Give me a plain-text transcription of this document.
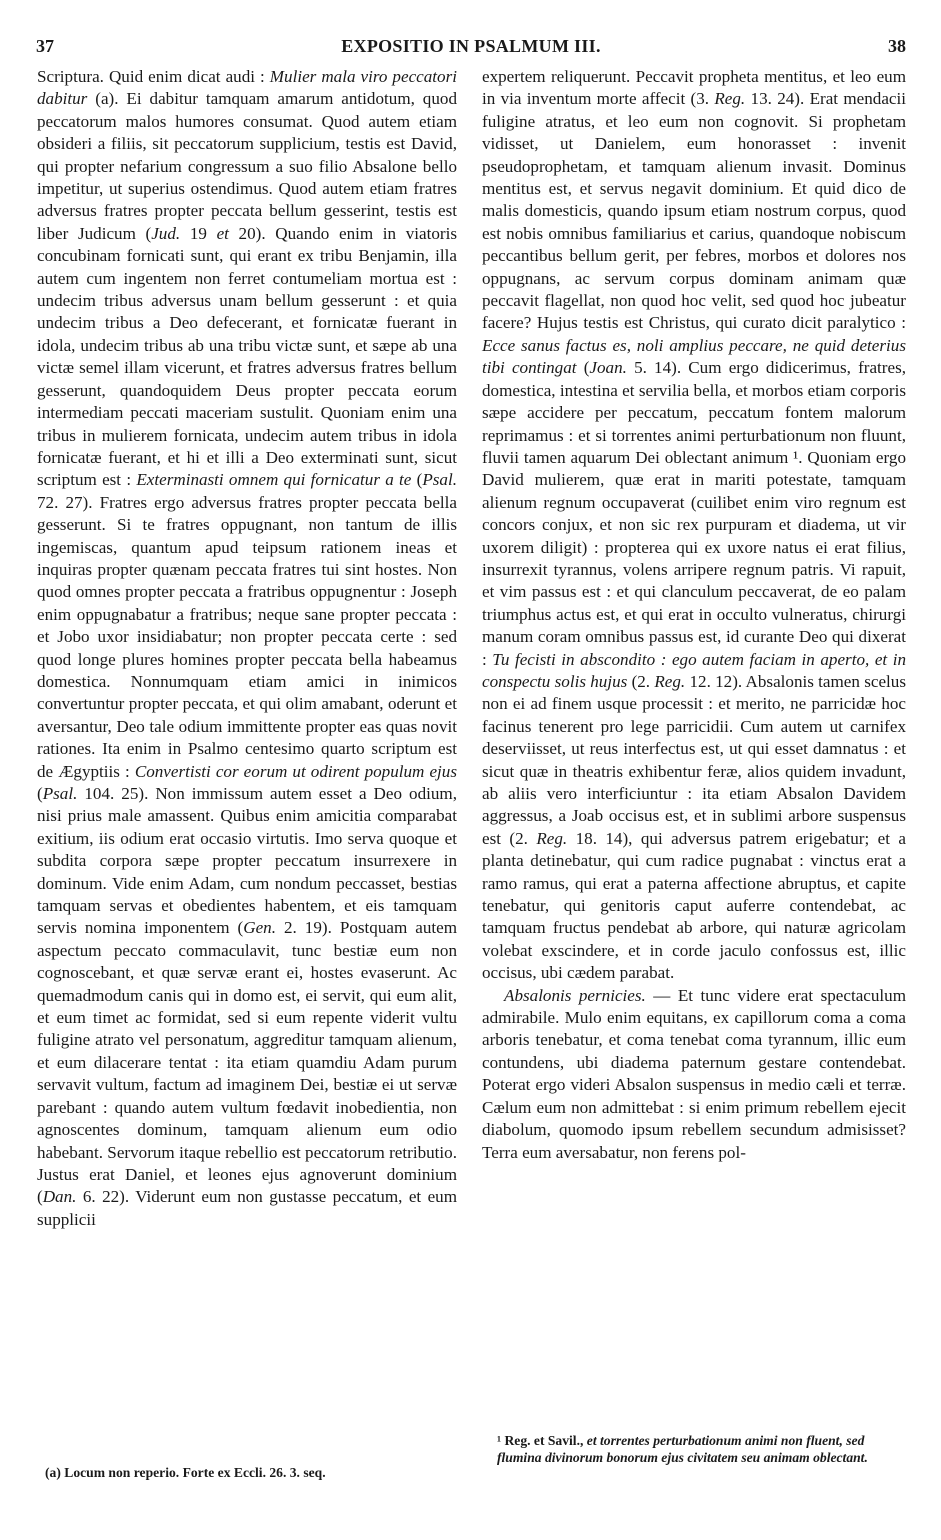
37	EXPOSITIO IN PSALMUM III.	38

Scriptura. Quid enim dicat audi : Mulier mala viro peccatori dabitur (a). Ei dabitur tamquam amarum antidotum, quod peccatorum malos humores consumat. Quod autem etiam obsideri a filiis, sit peccatorum supplicium, testis est David, qui propter nefarium congressum a suo filio Absalone bello impetitur, ut superius ostendimus. Quod autem etiam fratres adversus fratres propter peccata bellum gesserint, testis est liber Judicum (Jud. 19 et 20). Quando enim in viatoris concubinam fornicati sunt, qui erant ex tribu Benjamin, illa autem cum ingentem non ferret contumeliam mortua est : undecim tribus adversus unam bellum gesserunt : et quia undecim tribus a Deo defecerant, et fornicatæ fuerant in idola, undecim tribus ab una tribu victæ sunt, et sæpe ab una victæ semel illam vicerunt, et fratres adversus fratres bellum gesserunt, quandoquidem Deus propter peccata eorum intermediam peccati maceriam sustulit. Quoniam enim una tribus in mulierem fornicata, undecim autem tribus in idola fornicatæ fuerant, et hi et illi a Deo exterminati sunt, sicut scriptum est : Exterminasti omnem qui fornicatur a te (Psal. 72. 27). Fratres ergo adversus fratres propter peccata bella gesserunt. Si te fratres oppugnant, non tantum de illis ingemiscas, quantum apud teipsum rationem ineas et inquiras propter quænam peccata fratres tui sint hostes. Non quod omnes propter peccata a fratribus oppugnentur : Joseph enim oppugnabatur a fratribus; neque sane propter peccata : et Jobo uxor insidiabatur; non propter peccata certe : sed quod longe plures homines propter peccata bella habeamus domestica. Nonnumquam etiam amici in inimicos convertuntur propter peccata, et qui olim amabant, oderunt et aversantur, Deo tale odium immittente propter eas quas novit rationes. Ita enim in Psalmo centesimo quarto scriptum est de Ægyptiis : Convertisti cor eorum ut odirent populum ejus (Psal. 104. 25). Non immissum autem esset a Deo odium, nisi prius male amassent. Quibus enim amicitia comparabat exitium, iis odium erat occasio virtutis. Imo serva quoque et subdita corpora sæpe propter peccatum insurrexere in dominum. Vide enim Adam, cum nondum peccasset, bestias tamquam servas et obedientes habentem, et eis tamquam servis nomina imponentem (Gen. 2. 19). Postquam autem aspectum peccato commaculavit, tunc bestiæ eum non cognoscebant, et quæ servæ erant ei, hostes evaserunt. Ac quemadmodum canis qui in domo est, ei servit, qui eum alit, et eum timet ac formidat, sed si eum repente viderit vultu fuligine atrato vel personatum, aggreditur tamquam alienum, et eum dilacerare tentat : ita etiam quamdiu Adam purum servavit vultum, factum ad imaginem Dei, bestiæ ei ut servæ parebant : quando autem vultum fœdavit inobedientia, non agnoscentes dominum, tamquam alienum eum odio habebant. Servorum itaque rebellio est peccatorum retributio. Justus erat Daniel, et leones ejus agnoverunt dominium (Dan. 6. 22). Viderunt eum non gustasse peccatum, et eum supplicii

expertem reliquerunt. Peccavit propheta mentitus, et leo eum in via inventum morte affecit (3. Reg. 13. 24). Erat mendacii fuligine atratus, et leo eum non cognovit. Si prophetam vidisset, ut Danielem, eum honorasset : invenit pseudoprophetam, et tamquam alienum invasit. Dominus mentitus est, et servus negavit dominium. Et quid dico de malis domesticis, quando ipsum etiam nostrum corpus, quod est nobis omnibus familiarius et carius, quandoque nobiscum peccantibus bellum gerit, per febres, morbos et dolores nos oppugnans, ac servum corpus dominam animam quæ peccavit flagellat, non quod hoc velit, sed quod hoc jubeatur facere? Hujus testis est Christus, qui curato dicit paralytico : Ecce sanus factus es, noli amplius peccare, ne quid deterius tibi contingat (Joan. 5. 14). Cum ergo didicerimus, fratres, domestica, intestina et servilia bella, et morbos etiam corporis sæpe accidere per peccatum, peccatum fontem malorum reprimamus : et si torrentes animi perturbationum non fluunt, fluvii tamen aquarum Dei oblectant animum ¹. Quoniam ergo David mulierem, quæ erat in mariti potestate, tamquam alienum regnum occupaverat (cuilibet enim viro regnum est concors conjux, et non sic rex purpuram et diadema, ut vir uxorem diligit) : propterea qui ex uxore natus ei erat filius, insurrexit tyrannus, volens arripere regnum patris. Vi rapuit, et vim passus est : et qui clanculum peccaverat, de eo palam triumphus actus est, et qui erat in occulto vulneratus, chirurgi manum coram omnibus passus est, id curante Deo qui dixerat : Tu fecisti in abscondito : ego autem faciam in aperto, et in conspectu solis hujus (2. Reg. 12. 12). Absalonis tamen scelus non ei ad finem usque processit : et merito, ne parricidæ hoc facinus tenerent pro lege parricidii. Cum autem ut carnifex deserviisset, ut reus interfectus est, ut qui esset damnatus : et sicut quæ in theatris exhibentur feræ, alios quidem invadunt, ab aliis vero interficiuntur : ita etiam Absalon Davidem aggressus, a Joab occisus est, et in sublimi arbore suspensus est (2. Reg. 18. 14), qui adversus patrem erigebatur; et a planta detinebatur, qui cum radice pugnabat : vinctus erat a ramo ramus, qui erat a paterna affectione abruptus, et capite tenebatur, qui genitoris caput auferre contendebat, ac tamquam fructus pendebat ab arbore, qui naturæ agricolam volebat exscindere, et in corde jaculo confossus est, illic occisus, ubi cædem parabat.

Absalonis pernicies. — Et tunc videre erat spectaculum admirabile. Mulo enim equitans, ex capillorum coma a coma arboris tenebatur, et coma tenebat coma tyrannum, illic eum contundens, ubi diadema paternum gestare contendebat. Poterat ergo videri Absalon suspensus in medio cæli et terræ. Cælum eum non admittebat : si enim primum rebellem ejecit diabolum, quomodo ipsum rebellem secundum admisisset? Terra eum aversabatur, non ferens pol-

(a) Locum non reperio. Forte ex Eccli. 26. 3. seq.
¹ Reg. et Savil., et torrentes perturbationum animi non fluent, sed flumina divinorum bonorum ejus civitatem seu animam oblectant.
